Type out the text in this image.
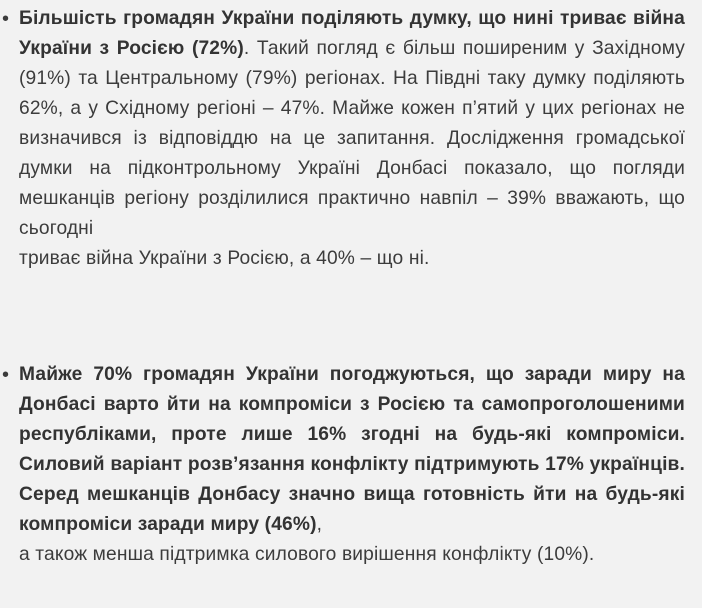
• Більшість громадян України поділяють думку, що нині триває війна України з Росією (72%). Такий погляд є більш поширеним у Західному (91%) та Центральному (79%) регіонах. На Півдні таку думку поділяють 62%, а у Східному регіоні – 47%. Майже кожен п’ятий у цих регіонах не визначився із відповіддю на це запитання. Дослідження громадської думки на підконтрольному Україні Донбасі показало, що погляди мешканців регіону розділилися практично навпіл – 39% вважають, що сьогодні
триває війна України з Росією, а 40% – що ні.
• Майже 70% громадян України погоджуються, що заради миру на Донбасі варто йти на компроміси з Росією та самопроголошеними республіками, проте лише 16% згодні на будь-які компроміси. Силовий варіант розв’язання конфлікту підтримують 17% українців. Серед мешканців Донбасу значно вища готовність йти на будь-які компроміси заради миру (46%),
а також менша підтримка силового вирішення конфлікту (10%).
